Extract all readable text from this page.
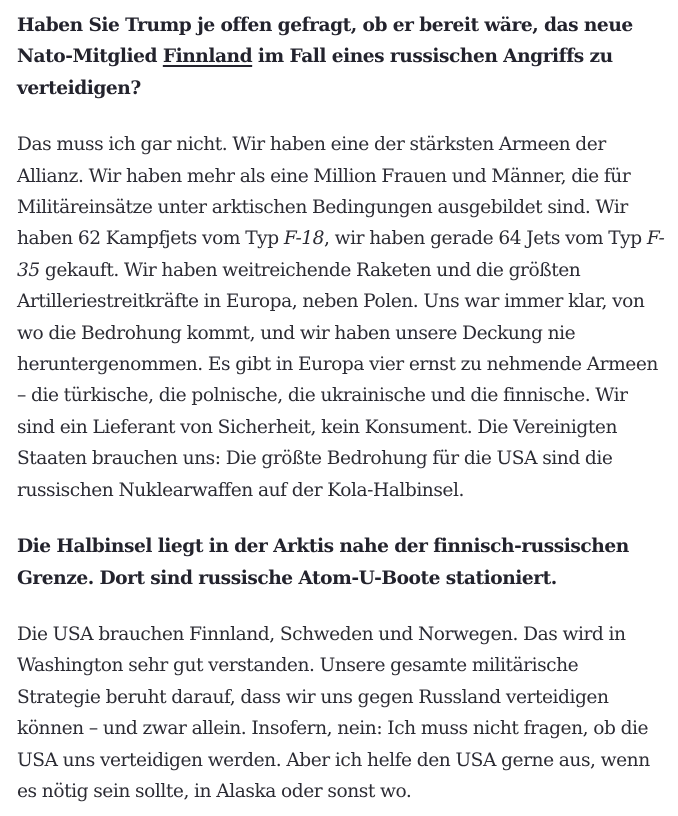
Haben Sie Trump je offen gefragt, ob er bereit wäre, das neue Nato-Mitglied Finnland im Fall eines russischen Angriffs zu verteidigen?

Das muss ich gar nicht. Wir haben eine der stärksten Armeen der Allianz. Wir haben mehr als eine Million Frauen und Männer, die für Militäreinsätze unter arktischen Bedingungen ausgebildet sind. Wir haben 62 Kampfjets vom Typ F-18, wir haben gerade 64 Jets vom Typ F-35 gekauft. Wir haben weitreichende Raketen und die größten Artilleriestreitkräfte in Europa, neben Polen. Uns war immer klar, von wo die Bedrohung kommt, und wir haben unsere Deckung nie heruntergenommen. Es gibt in Europa vier ernst zu nehmende Armeen – die türkische, die polnische, die ukrainische und die finnische. Wir sind ein Lieferant von Sicherheit, kein Konsument. Die Vereinigten Staaten brauchen uns: Die größte Bedrohung für die USA sind die russischen Nuklearwaffen auf der Kola-Halbinsel.

Die Halbinsel liegt in der Arktis nahe der finnisch-russischen Grenze. Dort sind russische Atom-U-Boote stationiert.

Die USA brauchen Finnland, Schweden und Norwegen. Das wird in Washington sehr gut verstanden. Unsere gesamte militärische Strategie beruht darauf, dass wir uns gegen Russland verteidigen können – und zwar allein. Insofern, nein: Ich muss nicht fragen, ob die USA uns verteidigen werden. Aber ich helfe den USA gerne aus, wenn es nötig sein sollte, in Alaska oder sonst wo.
